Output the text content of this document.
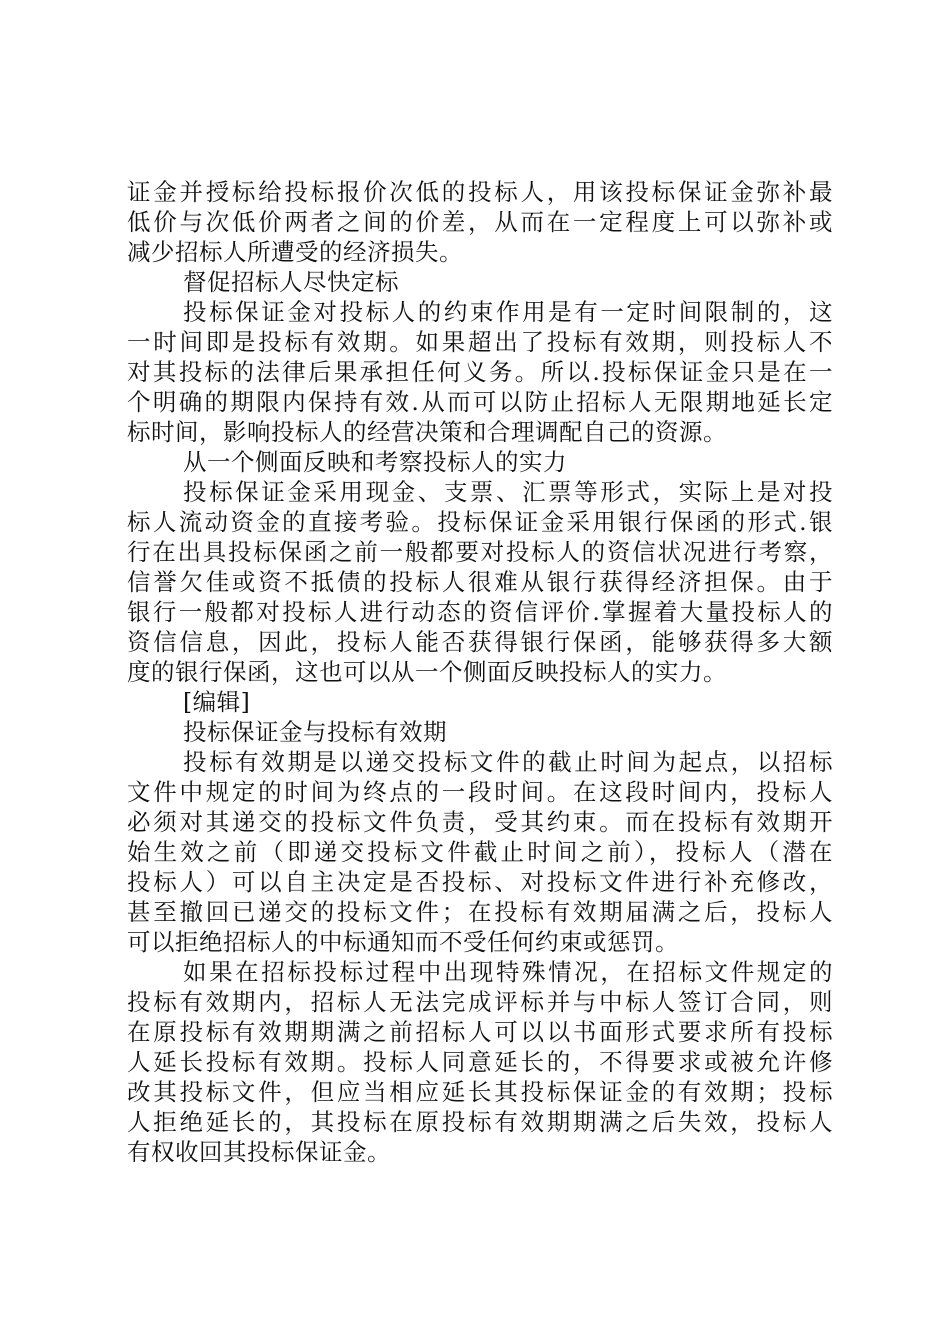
证金并授标给投标报价次低的投标人，用该投标保证金弥补最
低价与次低价两者之间的价差，从而在一定程度上可以弥补或
减少招标人所遭受的经济损失。
督促招标人尽快定标
投标保证金对投标人的约束作用是有一定时间限制的，这
一时间即是投标有效期。如果超出了投标有效期，则投标人不
对其投标的法律后果承担任何义务。所以.投标保证金只是在一
个明确的期限内保持有效.从而可以防止招标人无限期地延长定
标时间，影响投标人的经营决策和合理调配自己的资源。
从一个侧面反映和考察投标人的实力
投标保证金采用现金、支票、汇票等形式，实际上是对投
标人流动资金的直接考验。投标保证金采用银行保函的形式.银
行在出具投标保函之前一般都要对投标人的资信状况进行考察，
信誉欠佳或资不抵债的投标人很难从银行获得经济担保。由于
银行一般都对投标人进行动态的资信评价.掌握着大量投标人的
资信信息，因此，投标人能否获得银行保函，能够获得多大额
度的银行保函，这也可以从一个侧面反映投标人的实力。
[编辑]
投标保证金与投标有效期
投标有效期是以递交投标文件的截止时间为起点，以招标
文件中规定的时间为终点的一段时间。在这段时间内，投标人
必须对其递交的投标文件负责，受其约束。而在投标有效期开
始生效之前（即递交投标文件截止时间之前），投标人（潜在
投标人）可以自主决定是否投标、对投标文件进行补充修改，
甚至撤回已递交的投标文件；在投标有效期届满之后，投标人
可以拒绝招标人的中标通知而不受任何约束或惩罚。
如果在招标投标过程中出现特殊情况，在招标文件规定的
投标有效期内，招标人无法完成评标并与中标人签订合同，则
在原投标有效期期满之前招标人可以以书面形式要求所有投标
人延长投标有效期。投标人同意延长的，不得要求或被允许修
改其投标文件，但应当相应延长其投标保证金的有效期；投标
人拒绝延长的，其投标在原投标有效期期满之后失效，投标人
有权收回其投标保证金。
